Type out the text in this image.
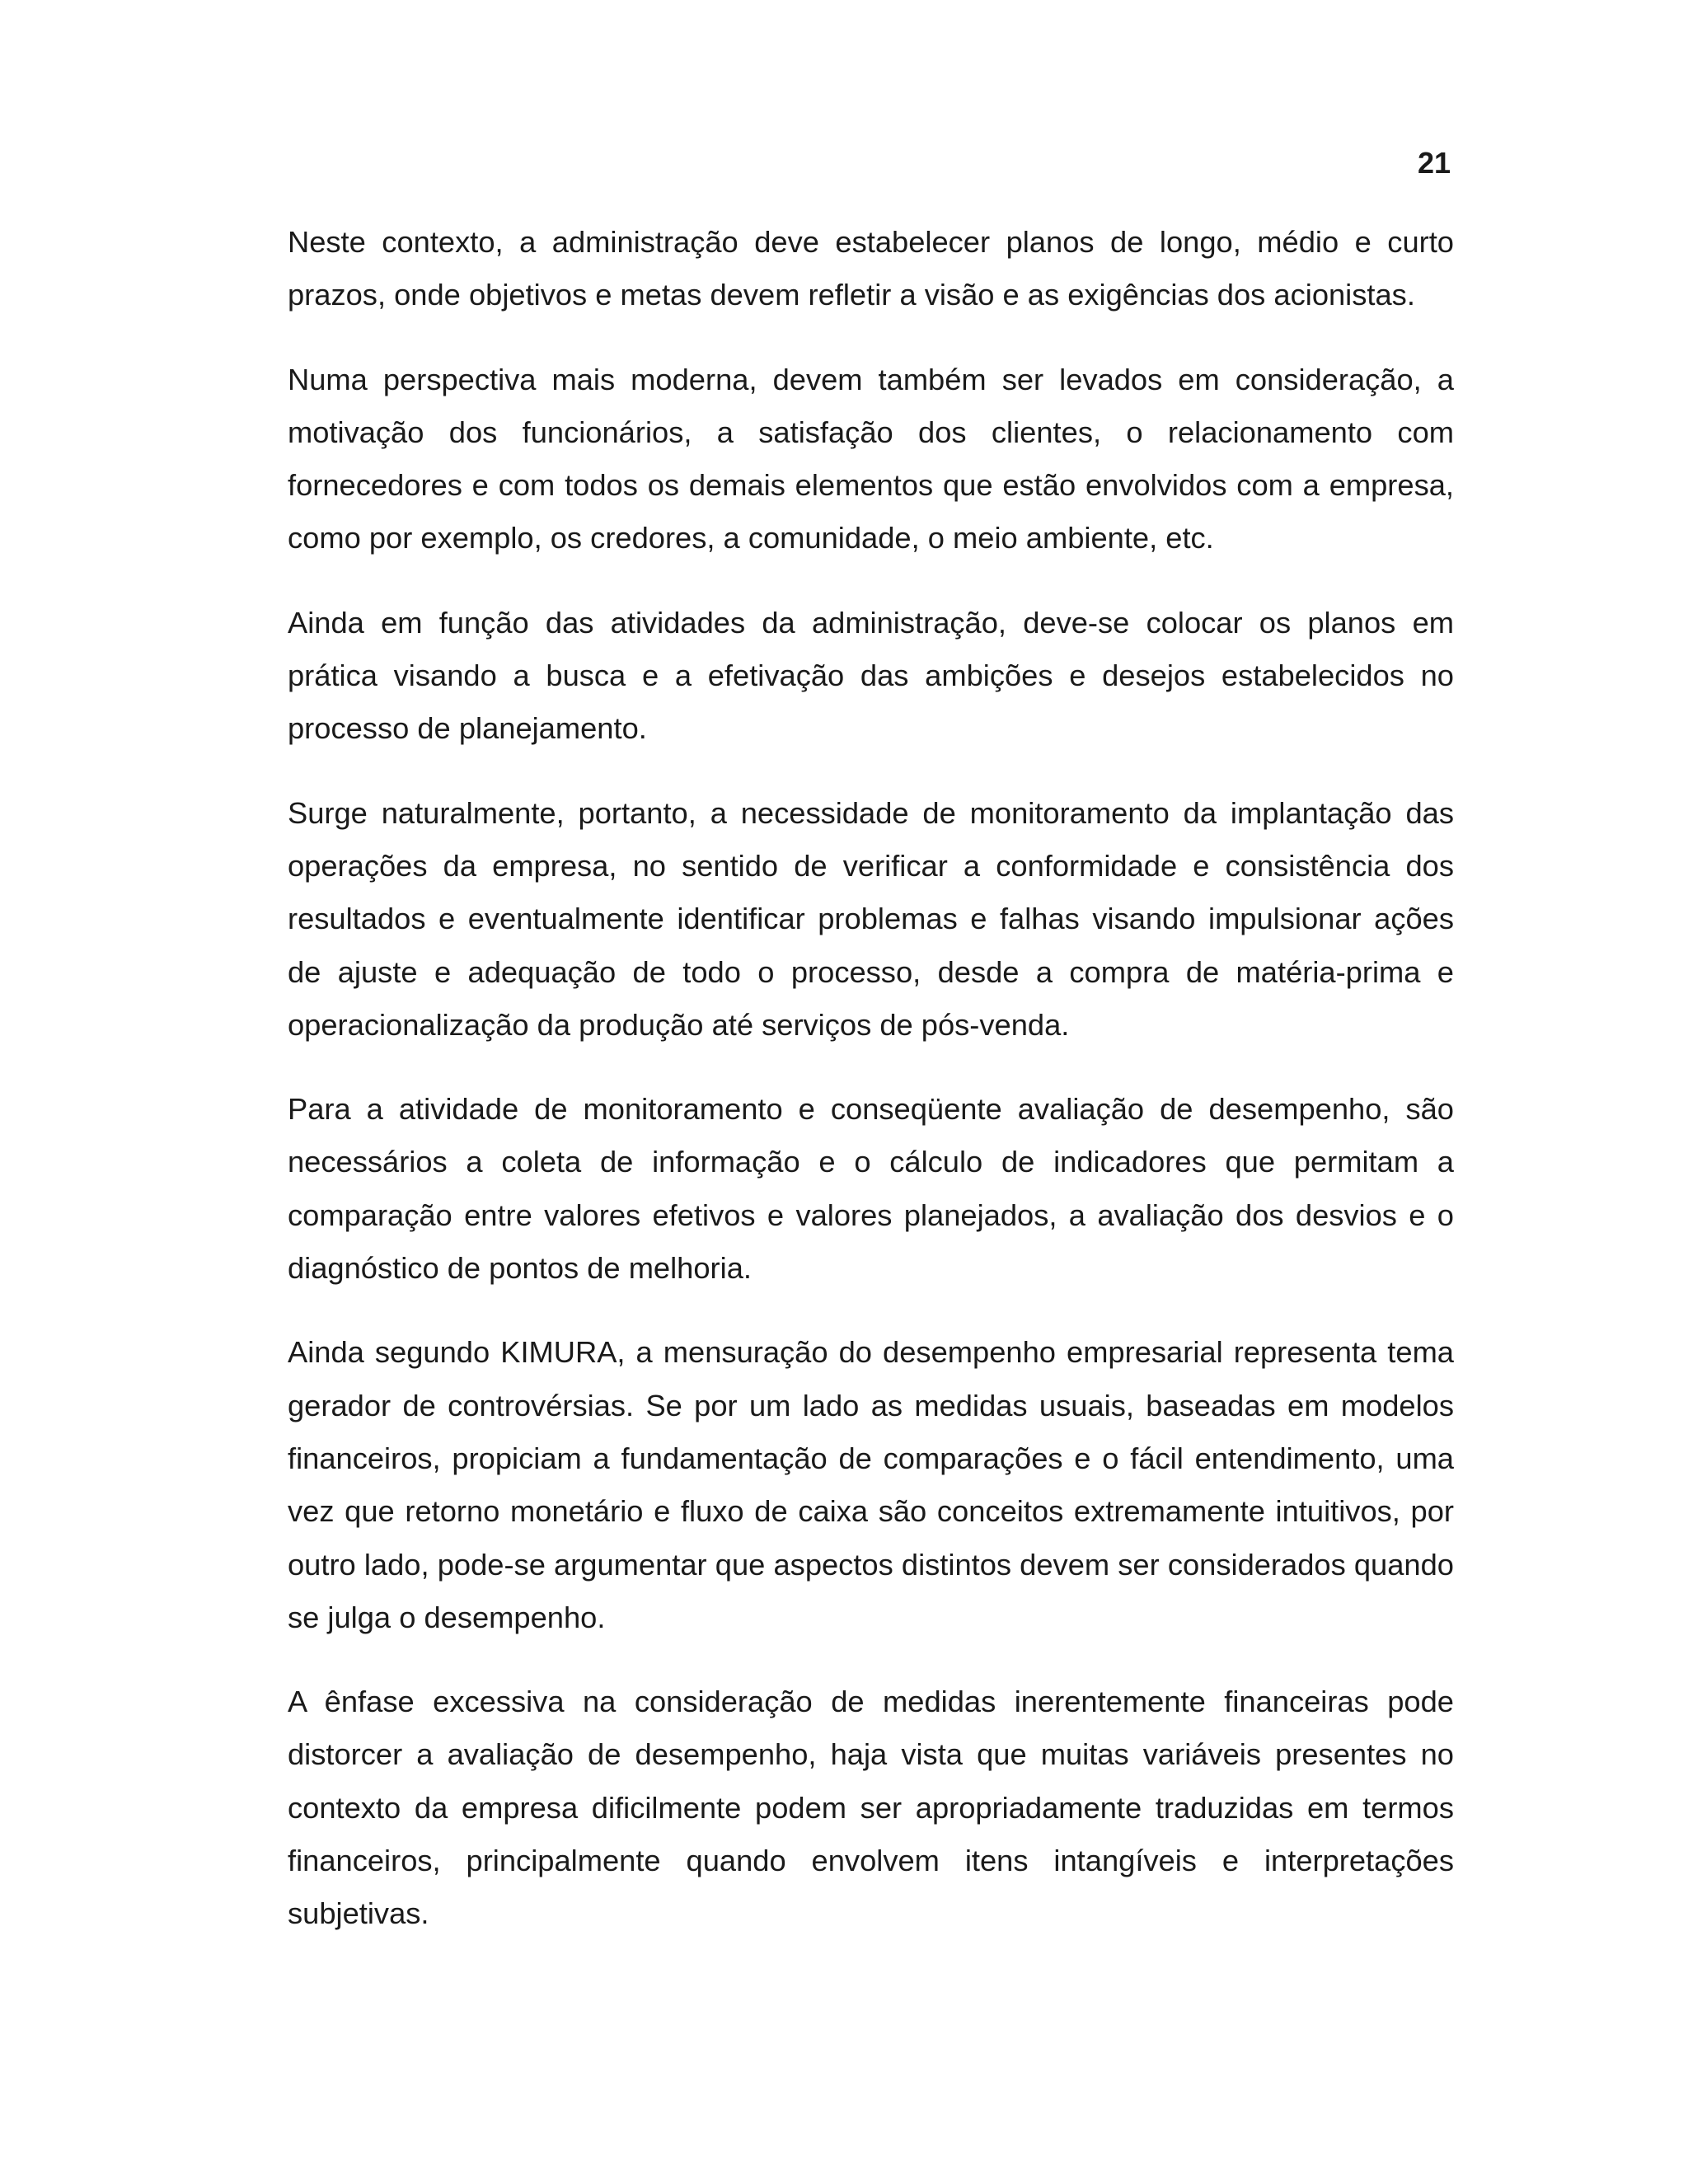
21

Neste contexto, a administração deve estabelecer planos de longo, médio e curto prazos, onde objetivos e metas devem refletir a visão e as exigências dos acionistas.

Numa perspectiva mais moderna, devem também ser levados em consideração, a motivação dos funcionários, a satisfação dos clientes, o relacionamento com fornecedores e com todos os demais elementos que estão envolvidos com a empresa, como por exemplo, os credores, a comunidade, o meio ambiente, etc.

Ainda em função das atividades da administração, deve-se colocar os planos em prática visando a busca e a efetivação das ambições e desejos estabelecidos no processo de planejamento.

Surge naturalmente, portanto, a necessidade de monitoramento da implantação das operações da empresa, no sentido de verificar a conformidade e consistência dos resultados e eventualmente identificar problemas e falhas visando impulsionar ações de ajuste e adequação de todo o processo, desde a compra de matéria-prima e operacionalização da produção até serviços de pós-venda.

Para a atividade de monitoramento e conseqüente avaliação de desempenho, são necessários a coleta de informação e o cálculo de indicadores que permitam a comparação entre valores efetivos e valores planejados, a avaliação dos desvios e o diagnóstico de pontos de melhoria.

Ainda segundo KIMURA, a mensuração do desempenho empresarial representa tema gerador de controvérsias. Se por um lado as medidas usuais, baseadas em modelos financeiros, propiciam a fundamentação de comparações e o fácil entendimento, uma vez que retorno monetário e fluxo de caixa são conceitos extremamente intuitivos, por outro lado, pode-se argumentar que aspectos distintos devem ser considerados quando se julga o desempenho.

A ênfase excessiva na consideração de medidas inerentemente financeiras pode distorcer a avaliação de desempenho, haja vista que muitas variáveis presentes no contexto da empresa dificilmente podem ser apropriadamente traduzidas em termos financeiros, principalmente quando envolvem itens intangíveis e interpretações subjetivas.
